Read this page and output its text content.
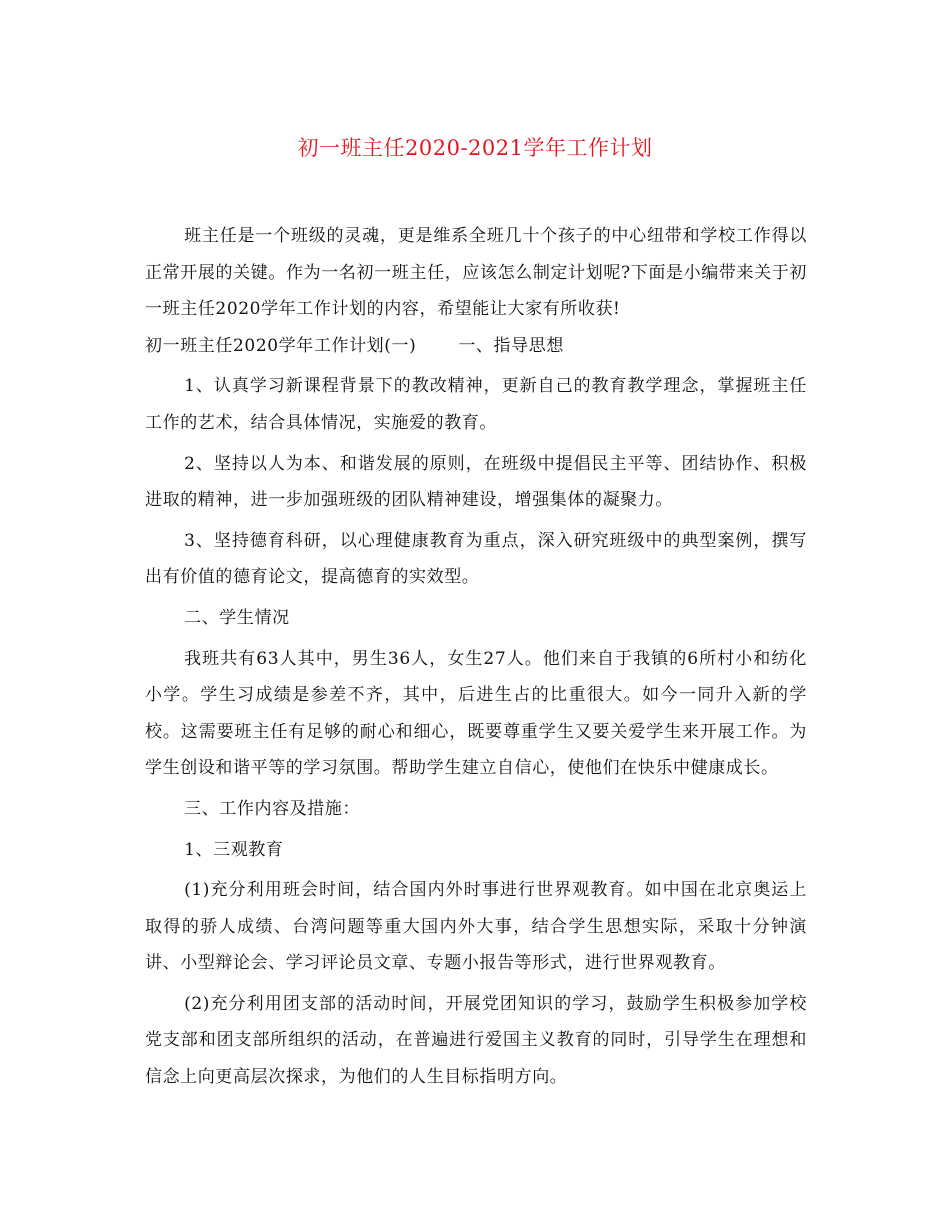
初一班主任2020-2021学年工作计划

班主任是一个班级的灵魂，更是维系全班几十个孩子的中心纽带和学校工作得以正常开展的关键。作为一名初一班主任，应该怎么制定计划呢?下面是小编带来关于初一班主任2020学年工作计划的内容，希望能让大家有所收获!

初一班主任2020学年工作计划(一) 一、指导思想

1、认真学习新课程背景下的教改精神，更新自己的教育教学理念，掌握班主任工作的艺术，结合具体情况，实施爱的教育。

2、坚持以人为本、和谐发展的原则，在班级中提倡民主平等、团结协作、积极进取的精神，进一步加强班级的团队精神建设，增强集体的凝聚力。

3、坚持德育科研，以心理健康教育为重点，深入研究班级中的典型案例，撰写出有价值的德育论文，提高德育的实效型。

二、学生情况

我班共有63人其中，男生36人，女生27人。他们来自于我镇的6所村小和纺化小学。学生习成绩是参差不齐，其中，后进生占的比重很大。如今一同升入新的学校。这需要班主任有足够的耐心和细心，既要尊重学生又要关爱学生来开展工作。为学生创设和谐平等的学习氛围。帮助学生建立自信心，使他们在快乐中健康成长。

三、工作内容及措施：

1、三观教育

(1)充分利用班会时间，结合国内外时事进行世界观教育。如中国在北京奥运上取得的骄人成绩、台湾问题等重大国内外大事，结合学生思想实际，采取十分钟演讲、小型辩论会、学习评论员文章、专题小报告等形式，进行世界观教育。

(2)充分利用团支部的活动时间，开展党团知识的学习，鼓励学生积极参加学校党支部和团支部所组织的活动，在普遍进行爱国主义教育的同时，引导学生在理想和信念上向更高层次探求，为他们的人生目标指明方向。
